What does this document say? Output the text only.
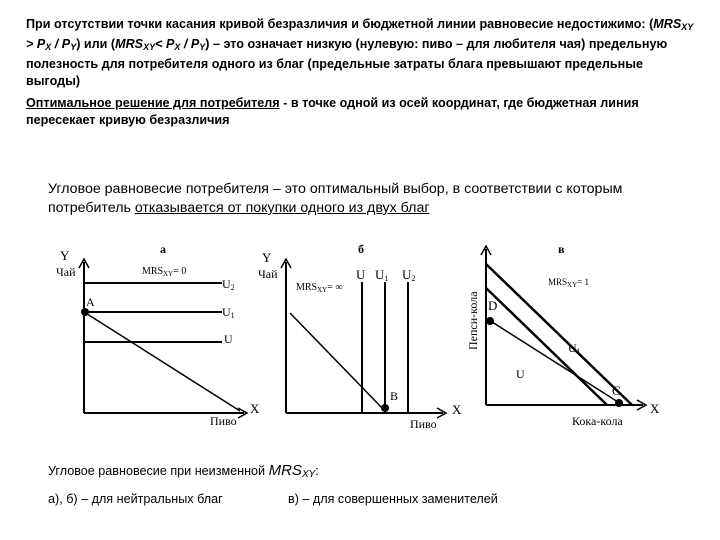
При отсутствии точки касания кривой безразличия и бюджетной линии равновесие недостижимо: $(MRS_{XY} > P_X / P_Y)$ или $(MRS_{XY}< P_X / P_Y)$ – это означает низкую (нулевую: пиво – для любителя чая) предельную полезность для потребителя одного из благ (предельные затраты блага превышают предельные выгоды)
Оптимальное решение для потребителя - в точке одной из осей координат, где бюджетная линия пересекает кривую безразличия
Угловое равновесие потребителя – это оптимальный выбор, в соответствии с которым потребитель отказывается от покупки одного из двух благ
а
Y
Чай	$MRS_{XY}= 0$
U2
U1
U
A
X
Пиво
б
Y
Чай
$MRS_{XY}=$ ∞
U U1 U2
B
X
Пиво
в
Пепси-кола
$MRS_{XY}= 1$
D
U1
U
C
X
Кока-кола
Угловое равновесие при неизменной $MRS_{XY}$:
а), б) – для нейтральных благ	в) – для совершенных заменителей
